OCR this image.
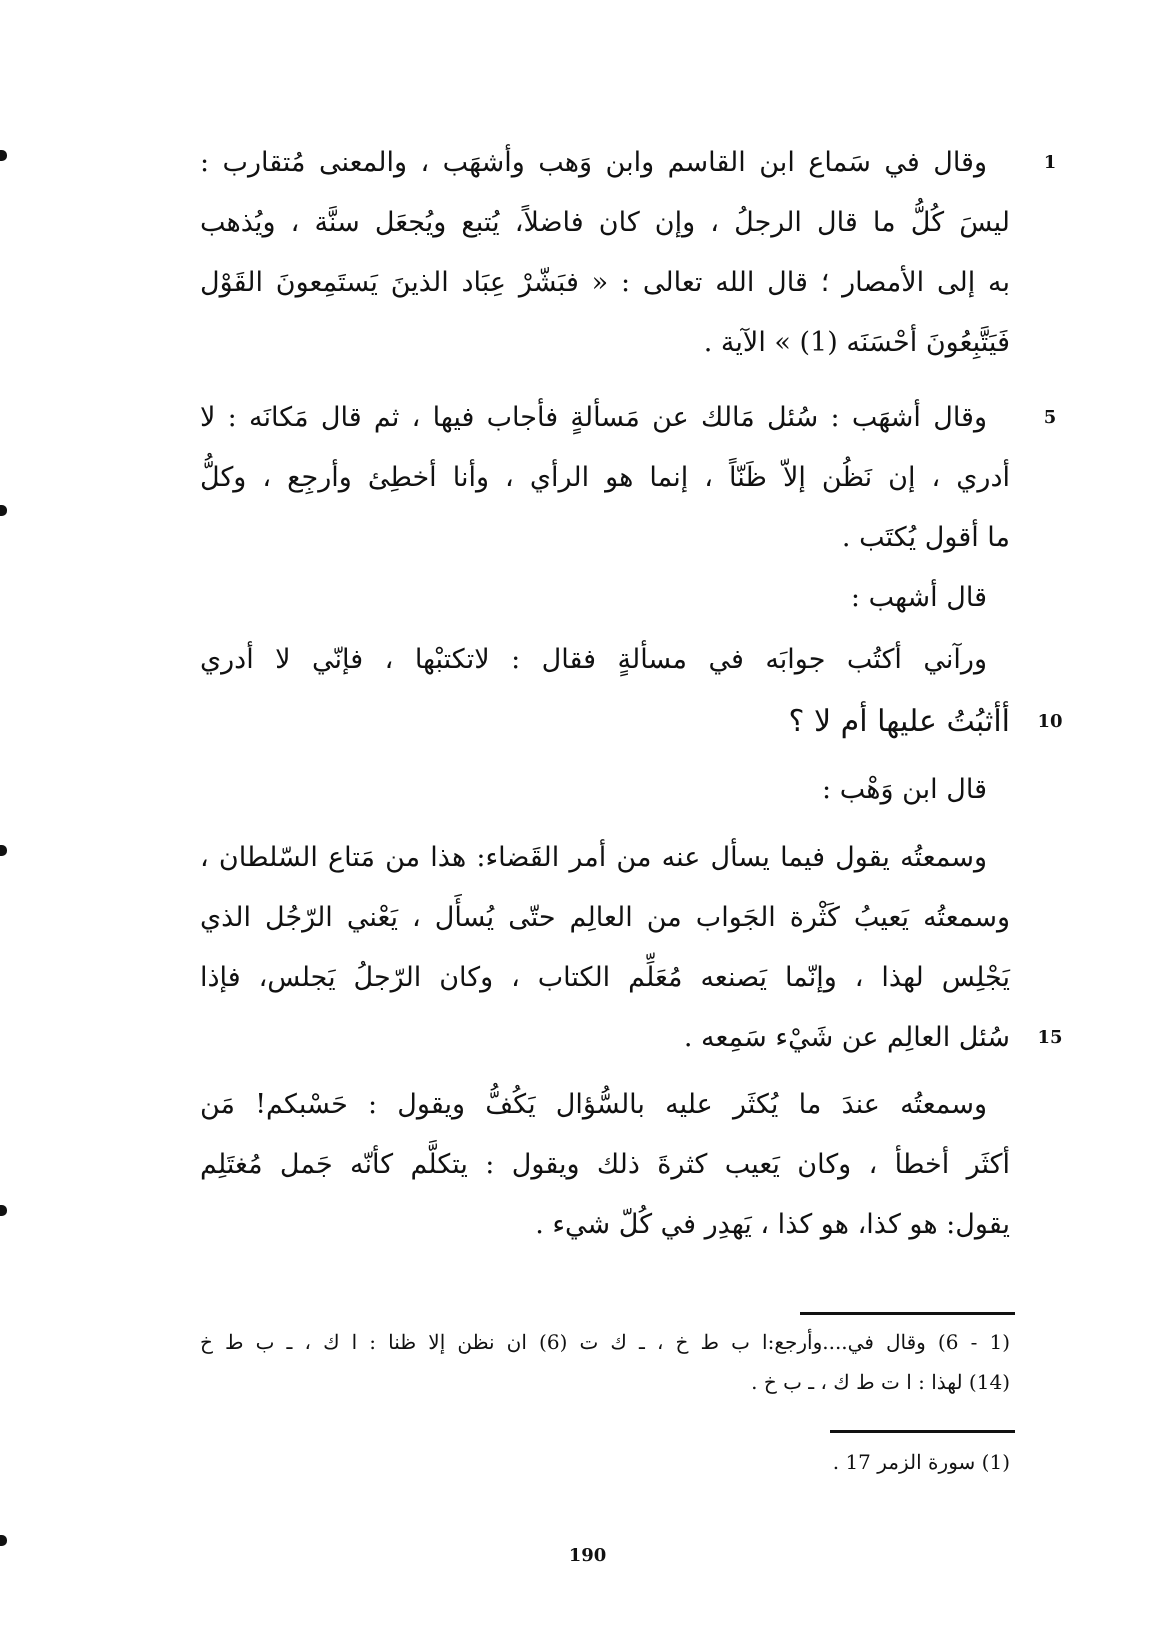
وقال في سَماع ابن القاسم وابن وَهب وأشهَب ، والمعنى مُتقارب :	1
ليسَ كُلُّ ما قال الرجلُ ، وإن كان فاضلاً، يُتبع ويُجعَل سنَّة ، ويُذهب
به إلى الأمصار ؛ قال الله تعالى : « فبَشّرْ عِبَاد الذينَ يَستَمِعونَ القَوْل
فَيَتَّبِعُونَ أحْسَنَه (1) » الآية .
وقال أشهَب : سُئل مَالك عن مَسألةٍ فأجاب فيها ، ثم قال مَكانَه : لا	5
أدري ، إن نَظُن إلاّ ظَنّاً ، إنما هو الرأي ، وأنا أخطِئ وأرجِع ، وكلُّ
ما أقول يُكتَب .
قال أشهب :
ورآني أكتُب جوابَه في مسألةٍ فقال : لاتكتبْها ، فإنّي لا أدري
أأثبُتُ عليها أم لا ؟	10
قال ابن وَهْب :
وسمعتُه يقول فيما يسأل عنه من أمر القَضاء: هذا من مَتاع السّلطان ،
وسمعتُه يَعيبُ كَثْرة الجَواب من العالِم حتّى يُسأَل ، يَعْني الرّجُل الذي
يَجْلِس لهذا ، وإنّما يَصنعه مُعَلِّم الكتاب ، وكان الرّجلُ يَجلس، فإذا
سُئل العالِم عن شَيْء سَمِعه .	15
وسمعتُه عندَ ما يُكثَر عليه بالسُّؤال يَكُفُّ ويقول : حَسْبكم! مَن
أكثَر أخطأ ، وكان يَعيب كثرةَ ذلك ويقول : يتكلَّم كأنّه جَمل مُغتَلِم
يقول: هو كذا، هو كذا ، يَهدِر في كُلّ شيء .
(1 - 6) وقال في....وأرجع:ا ب ط خ ، ـ ك ت (6) ان نظن إلا ظنا : ا ك ، ـ ب ط خ
(14) لهذا : ا ت ط ك ، ـ ب خ .
(1) سورة الزمر 17 .
190
